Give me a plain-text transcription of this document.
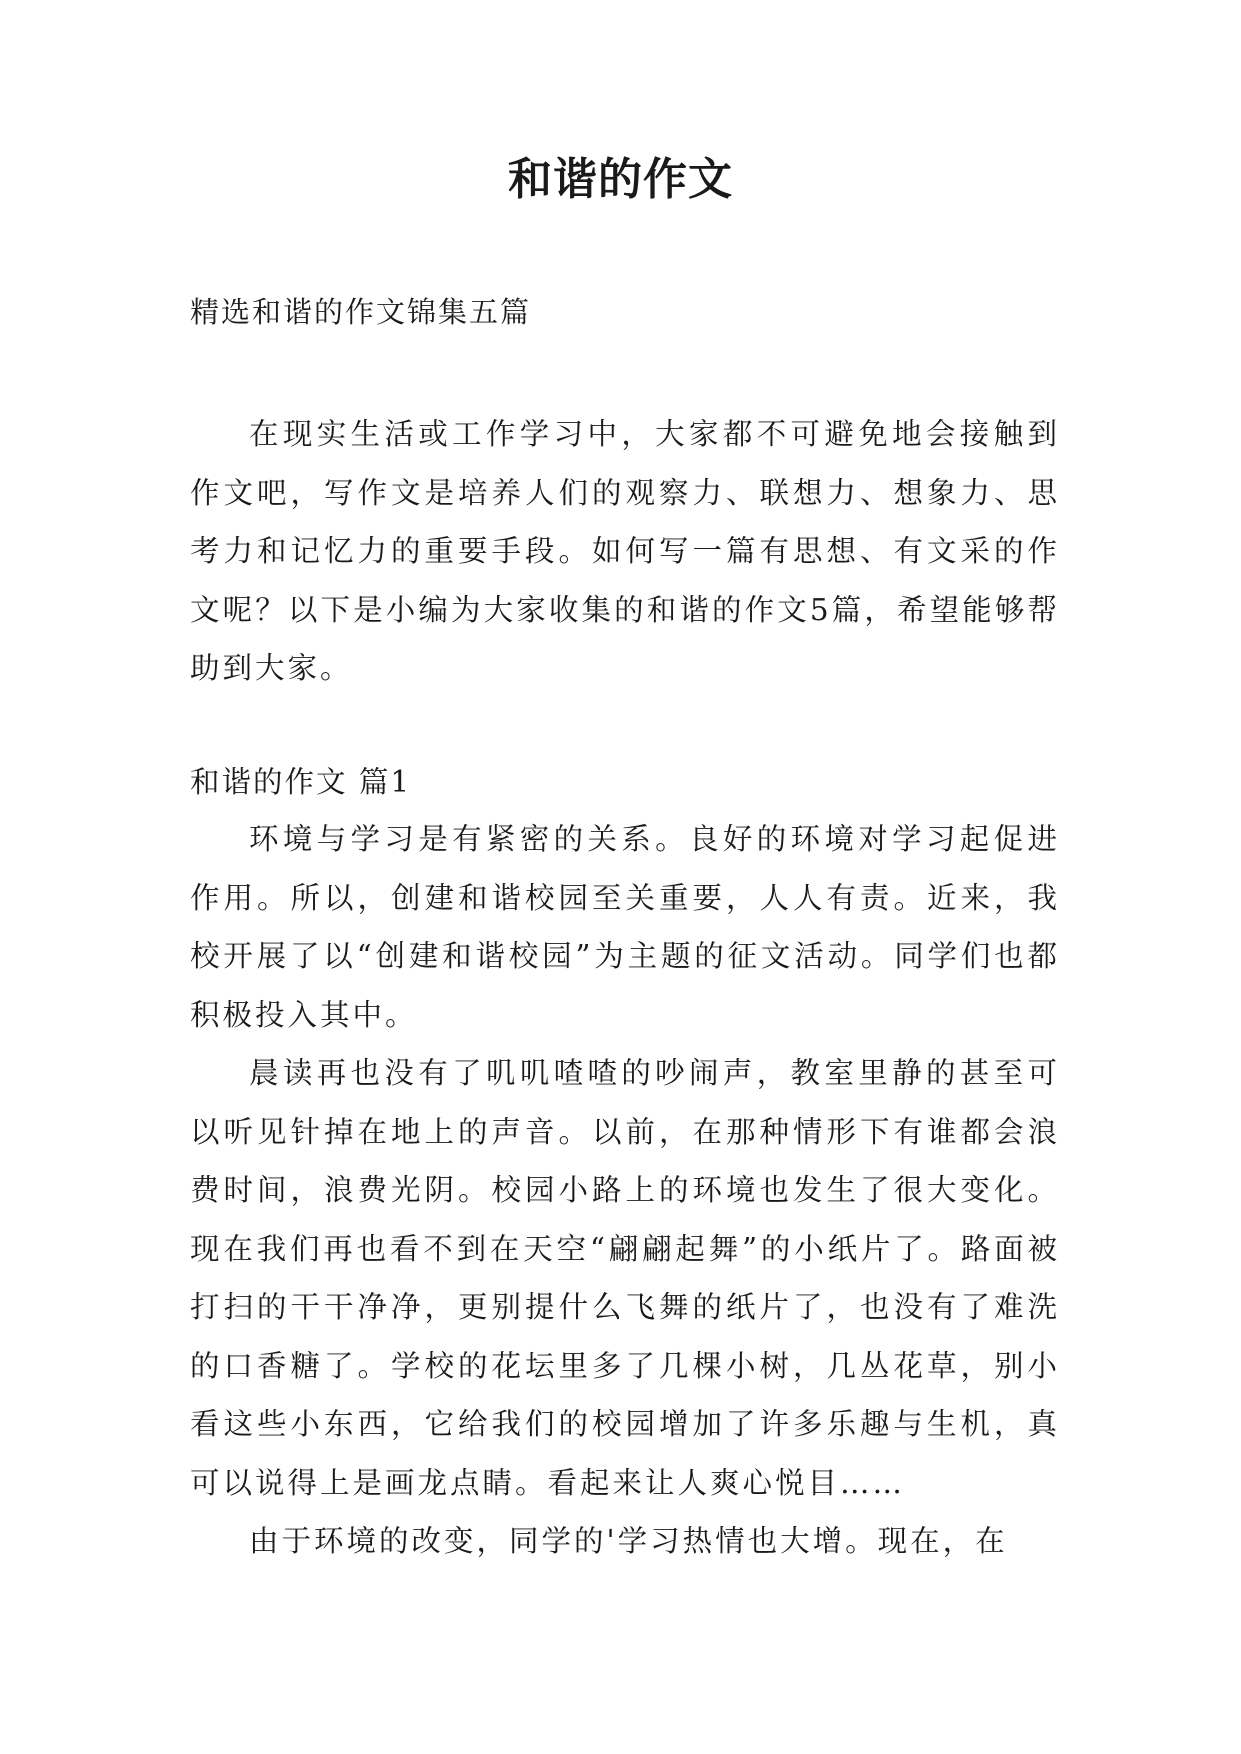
和谐的作文
精选和谐的作文锦集五篇

在现实生活或工作学习中，大家都不可避免地会接触到作文吧，写作文是培养人们的观察力、联想力、想象力、思考力和记忆力的重要手段。如何写一篇有思想、有文采的作文呢？以下是小编为大家收集的和谐的作文5篇，希望能够帮助到大家。

和谐的作文 篇1

环境与学习是有紧密的关系。良好的环境对学习起促进作用。所以，创建和谐校园至关重要，人人有责。近来，我校开展了以“创建和谐校园”为主题的征文活动。同学们也都积极投入其中。

晨读再也没有了叽叽喳喳的吵闹声，教室里静的甚至可以听见针掉在地上的声音。以前，在那种情形下有谁都会浪费时间，浪费光阴。校园小路上的环境也发生了很大变化。现在我们再也看不到在天空“翩翩起舞”的小纸片了。路面被打扫的干干净净，更别提什么飞舞的纸片了，也没有了难洗的口香糖了。学校的花坛里多了几棵小树，几丛花草，别小看这些小东西，它给我们的校园增加了许多乐趣与生机，真可以说得上是画龙点睛。看起来让人爽心悦目……

由于环境的改变，同学的'学习热情也大增。现在，在
